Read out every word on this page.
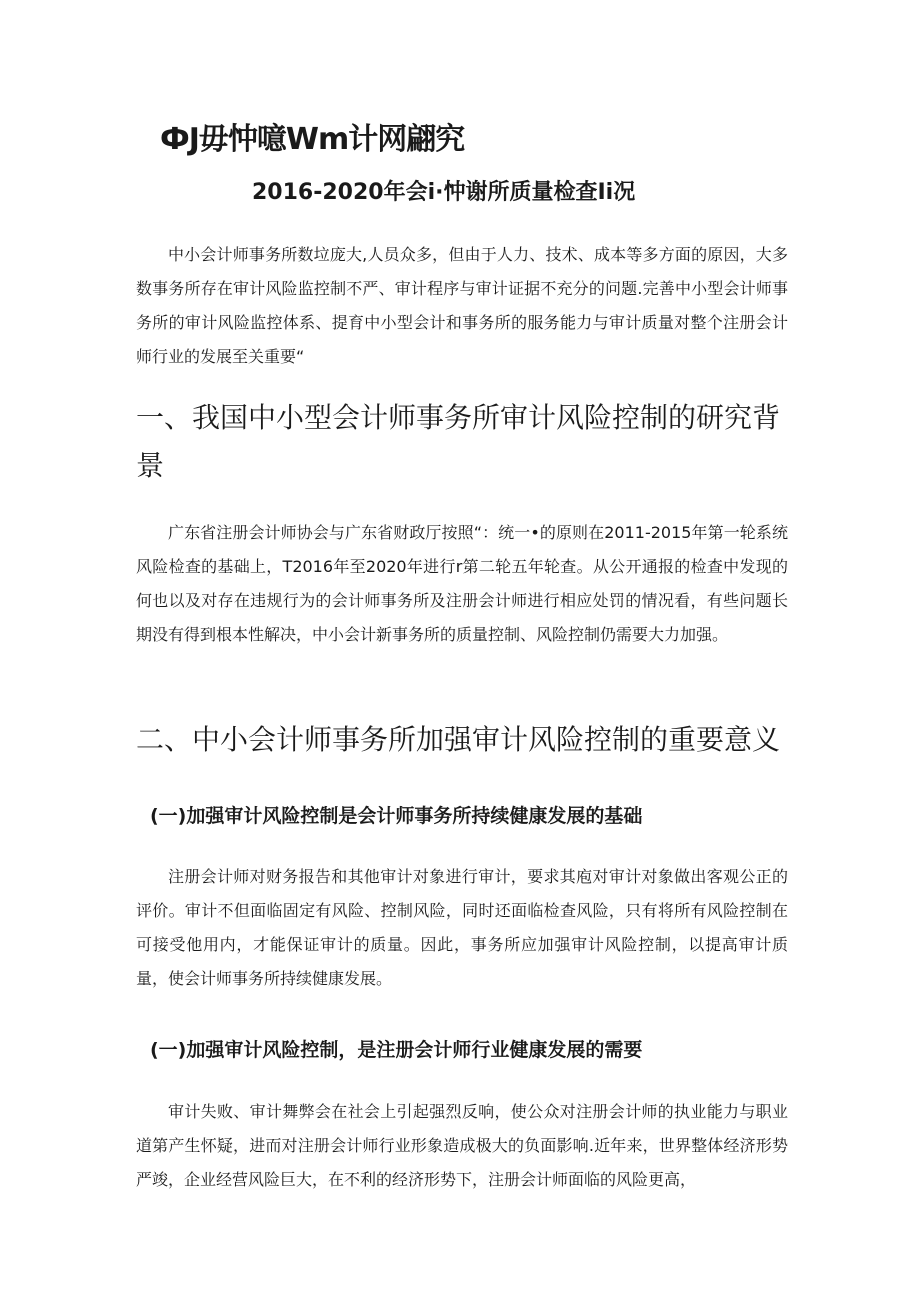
ФJ毋忡噫Wm计网翩究
2016-2020年会i·忡谢所质量检查Ii况

中小会计师事务所数垃庞大,人员众多，但由于人力、技术、成本等多方面的原因，大多数事务所存在审计风险监控制不严、审计程序与审计证据不充分的问题.完善中小型会计师事务所的审计风险监控体系、提育中小型会计和事务所的服务能力与审计质量对整个注册会计师行业的发展至关重要“

一、我国中小型会计师事务所审计风险控制的研究背景

广东省注册会计师协会与广东省财政厅按照“：统一•的原则在2011-2015年第一轮系统风险检查的基础上，T2016年至2020年进行r第二轮五年轮查。从公开通报的检查中发现的何也以及对存在违规行为的会计师事务所及注册会计师进行相应处罚的情况看，有些问题长期没有得到根本性解决，中小会计新事务所的质量控制、风险控制仍需要大力加强。

二、中小会计师事务所加强审计风险控制的重要意义
(一)加强审计风险控制是会计师事务所持续健康发展的基础

注册会计师对财务报告和其他审计对象进行审计，要求其庖对审计对象做出客观公正的评价。审计不但面临固定有风险、控制风险，同时还面临检查风险，只有将所有风险控制在可接受他用内，才能保证审计的质量。因此，事务所应加强审计风险控制，以提高审计质量，使会计师事务所持续健康发展。

(一)加强审计风险控制，是注册会计师行业健康发展的需要

审计失败、审计舞弊会在社会上引起强烈反响，使公众对注册会计师的执业能力与职业道第产生怀疑，进而对注册会计师行业形象造成极大的负面影响.近年来，世界整体经济形势严竣，企业经营风险巨大，在不利的经济形势下，注册会计师面临的风险更高，
